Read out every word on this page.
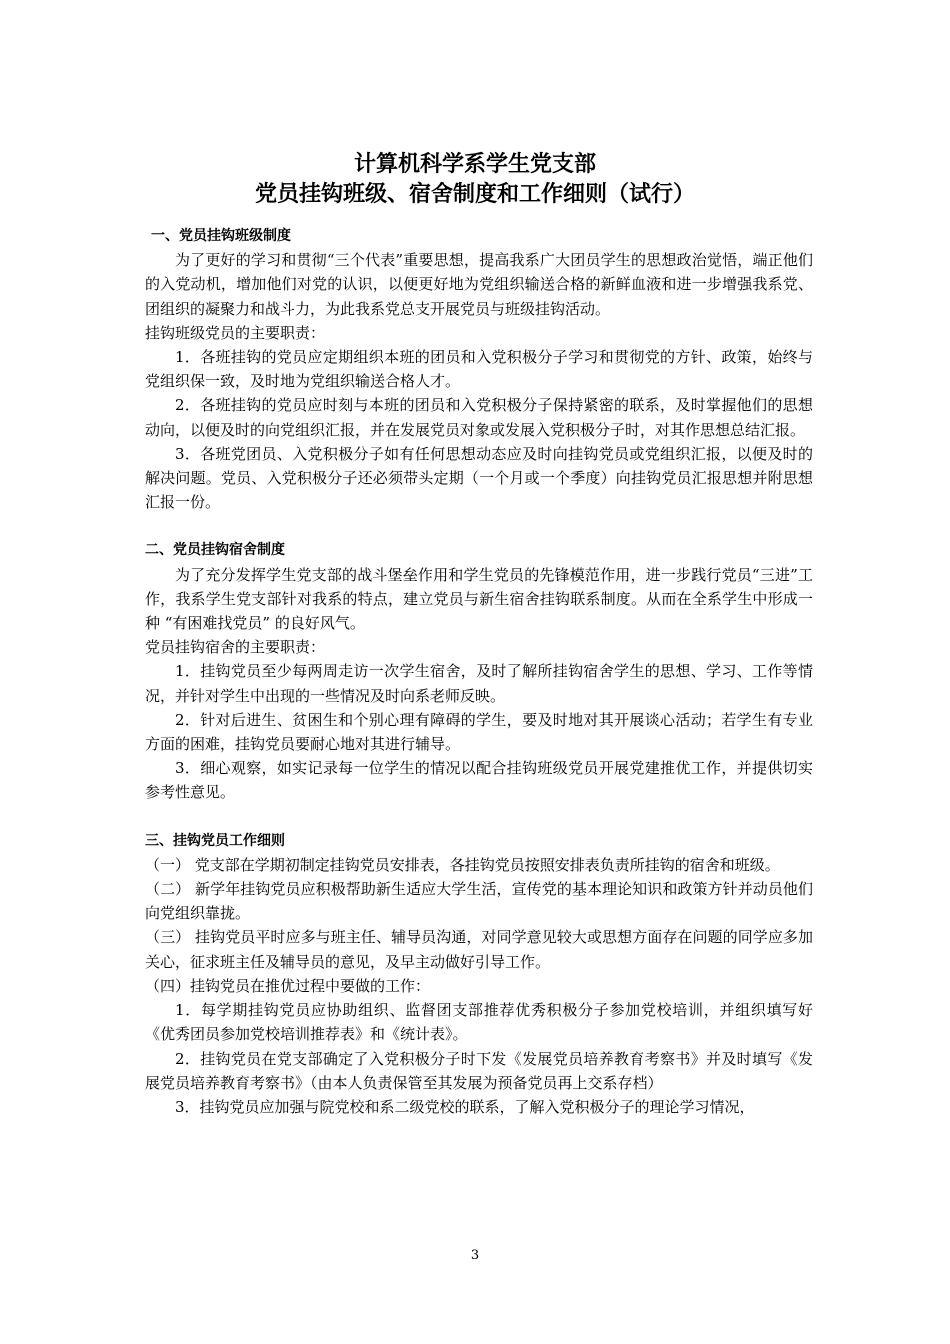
计算机科学系学生党支部
党员挂钩班级、宿舍制度和工作细则（试行）
一、党员挂钩班级制度

为了更好的学习和贯彻“三个代表”重要思想，提高我系广大团员学生的思想政治觉悟，端正他们的入党动机，增加他们对党的认识，以便更好地为党组织输送合格的新鲜血液和进一步增强我系党、团组织的凝聚力和战斗力，为此我系党总支开展党员与班级挂钩活动。

挂钩班级党员的主要职责：

1．各班挂钩的党员应定期组织本班的团员和入党积极分子学习和贯彻党的方针、政策，始终与党组织保一致，及时地为党组织输送合格人才。

2．各班挂钩的党员应时刻与本班的团员和入党积极分子保持紧密的联系，及时掌握他们的思想动向，以便及时的向党组织汇报，并在发展党员对象或发展入党积极分子时，对其作思想总结汇报。

3．各班党团员、入党积极分子如有任何思想动态应及时向挂钩党员或党组织汇报，以便及时的解决问题。党员、入党积极分子还必须带头定期（一个月或一个季度）向挂钩党员汇报思想并附思想汇报一份。

二、党员挂钩宿舍制度

为了充分发挥学生党支部的战斗堡垒作用和学生党员的先锋模范作用，进一步践行党员“三进”工作，我系学生党支部针对我系的特点，建立党员与新生宿舍挂钩联系制度。从而在全系学生中形成一种 “有困难找党员” 的良好风气。

党员挂钩宿舍的主要职责：

1．挂钩党员至少每两周走访一次学生宿舍，及时了解所挂钩宿舍学生的思想、学习、工作等情况，并针对学生中出现的一些情况及时向系老师反映。

2．针对后进生、贫困生和个别心理有障碍的学生，要及时地对其开展谈心活动；若学生有专业方面的困难，挂钩党员要耐心地对其进行辅导。

3．细心观察，如实记录每一位学生的情况以配合挂钩班级党员开展党建推优工作，并提供切实参考性意见。

三、挂钩党员工作细则

（一） 党支部在学期初制定挂钩党员安排表，各挂钩党员按照安排表负责所挂钩的宿舍和班级。

（二） 新学年挂钩党员应积极帮助新生适应大学生活，宣传党的基本理论知识和政策方针并动员他们向党组织靠拢。

（三） 挂钩党员平时应多与班主任、辅导员沟通，对同学意见较大或思想方面存在问题的同学应多加关心，征求班主任及辅导员的意见，及早主动做好引导工作。

（四）挂钩党员在推优过程中要做的工作：

1．每学期挂钩党员应协助组织、监督团支部推荐优秀积极分子参加党校培训，并组织填写好《优秀团员参加党校培训推荐表》和《统计表》。

2．挂钩党员在党支部确定了入党积极分子时下发《发展党员培养教育考察书》并及时填写《发展党员培养教育考察书》（由本人负责保管至其发展为预备党员再上交系存档）

3．挂钩党员应加强与院党校和系二级党校的联系，了解入党积极分子的理论学习情况，

3
